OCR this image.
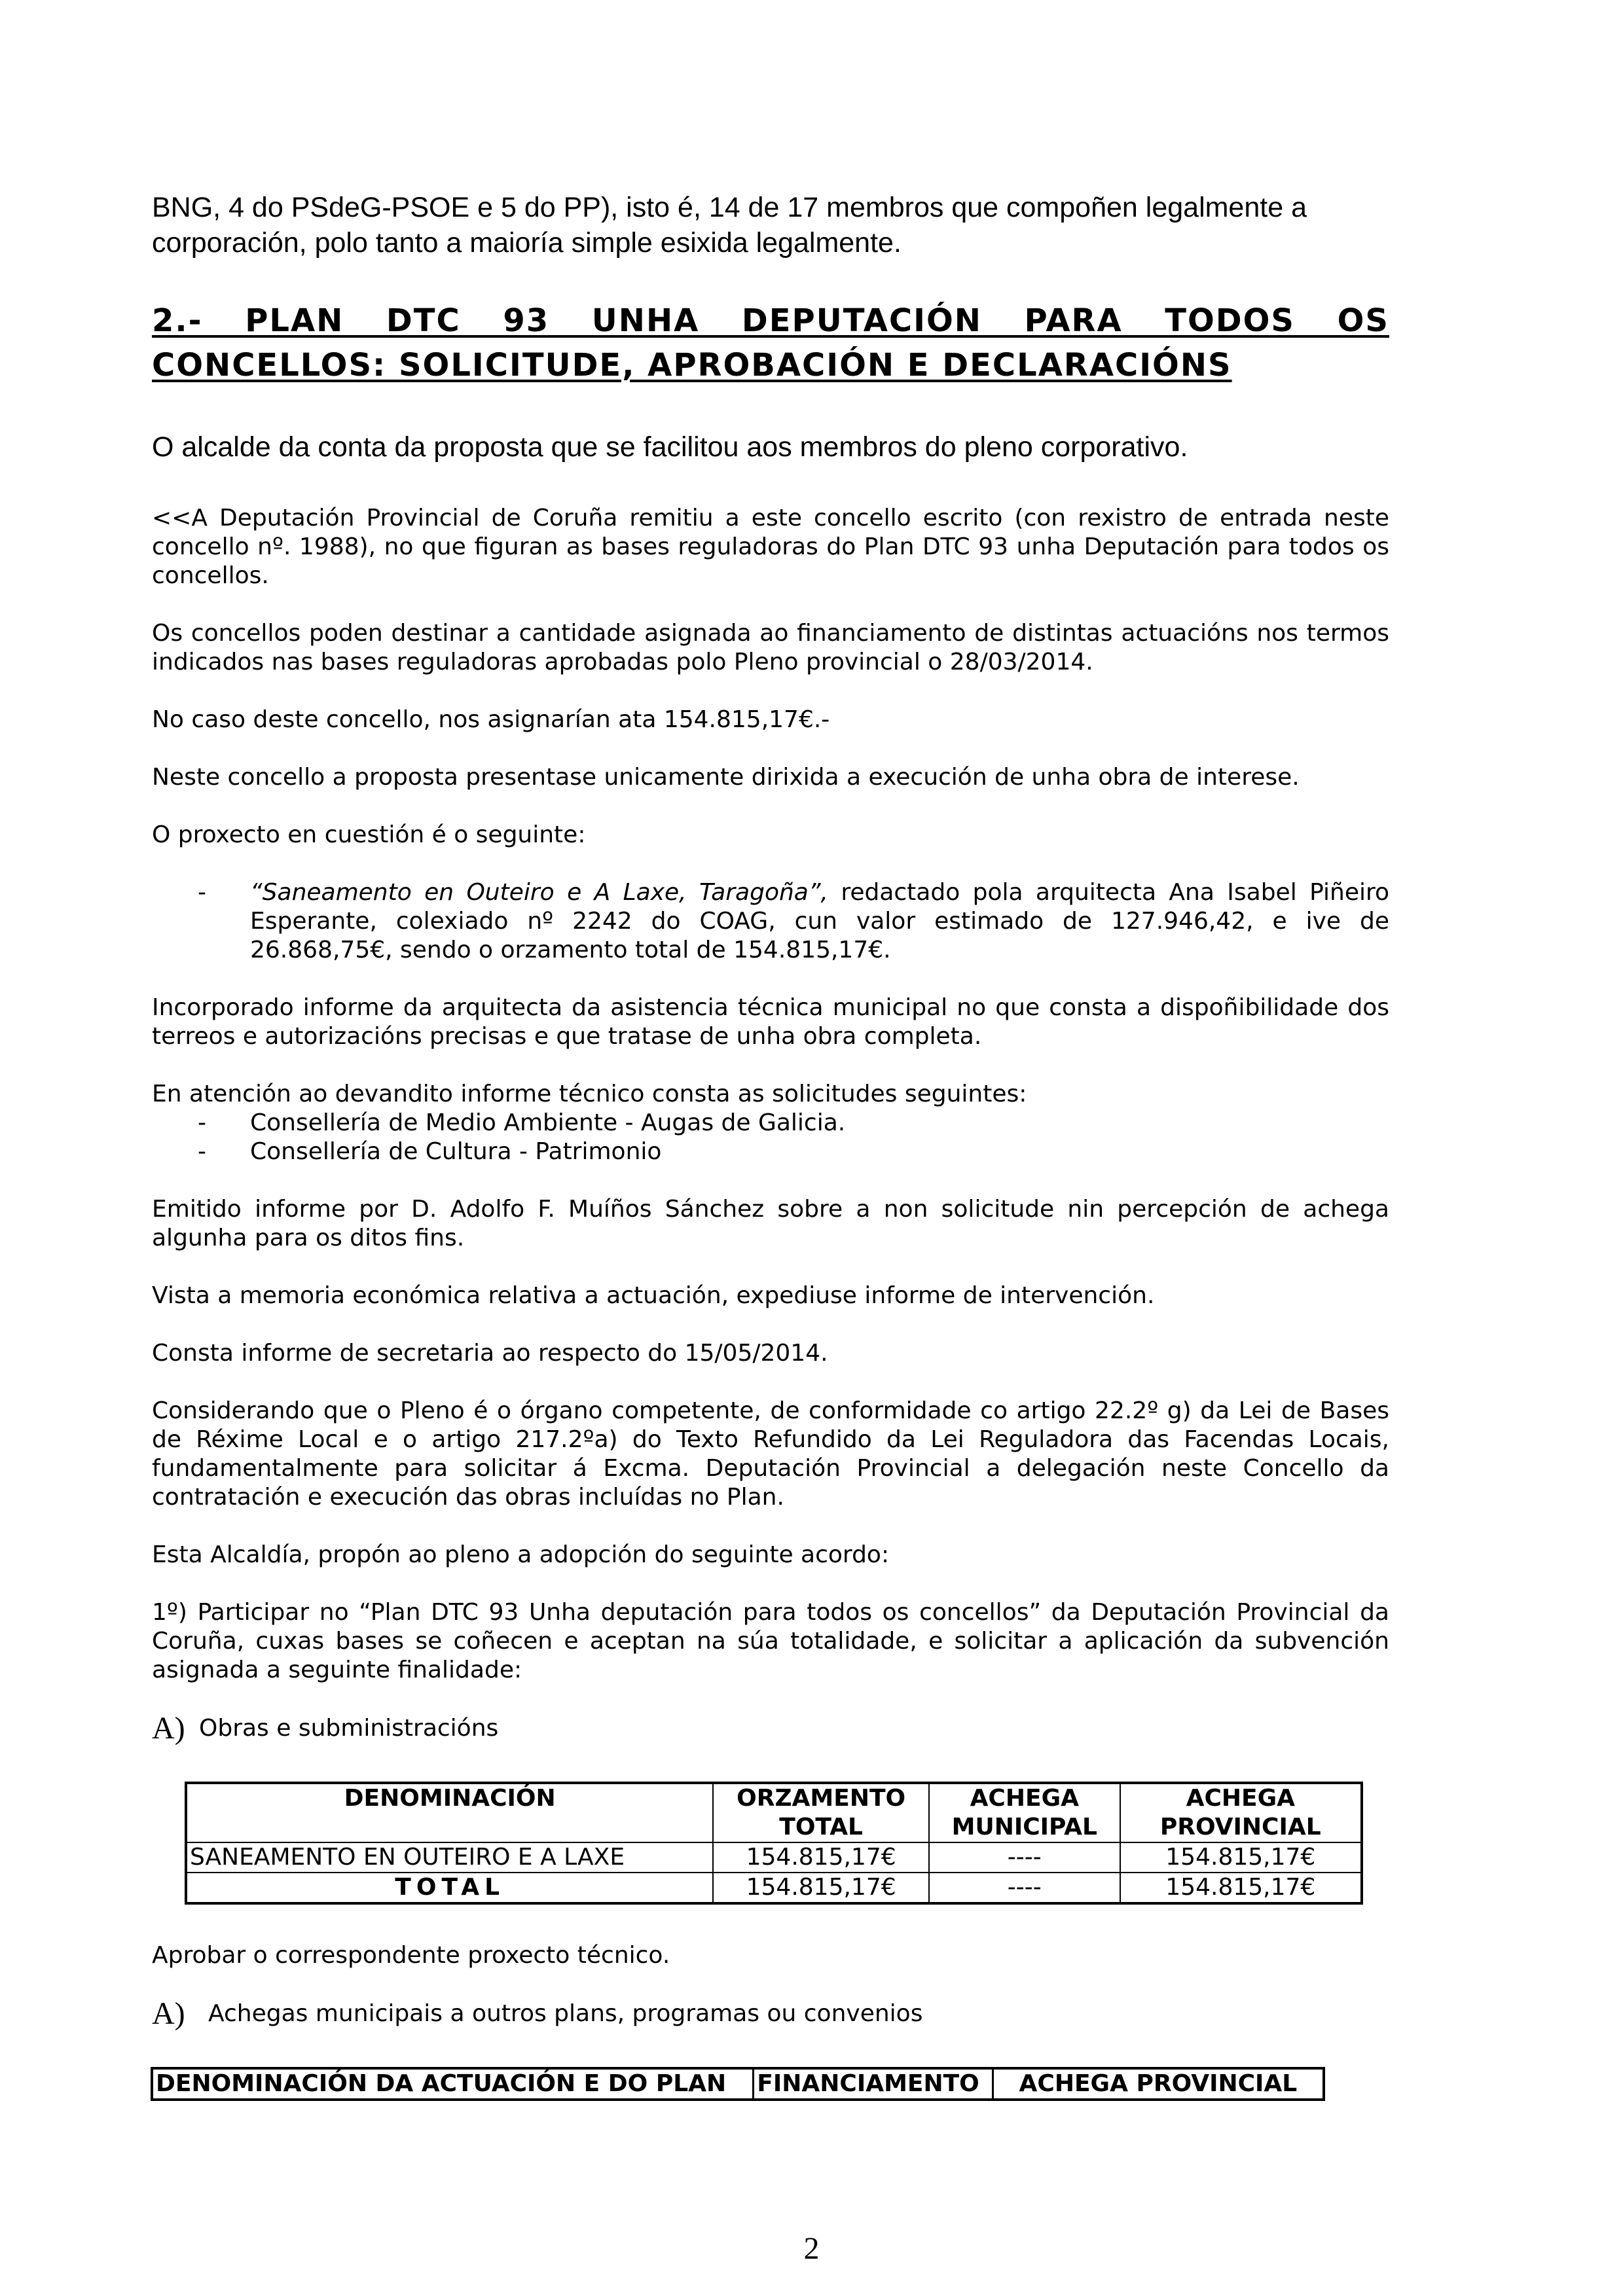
BNG, 4 do PSdeG-PSOE e 5 do PP), isto é, 14 de 17 membros que compoñen legalmente a
corporación, polo tanto a maioría simple esixida legalmente.
2.- PLAN DTC 93 UNHA DEPUTACIÓN PARA TODOS OS CONCELLOS: SOLICITUDE, APROBACIÓN E DECLARACIÓNS
O alcalde da conta da proposta que se facilitou aos membros do pleno corporativo.

<<A Deputación Provincial de Coruña remitiu a este concello escrito (con rexistro de entrada neste concello nº. 1988), no que figuran as bases reguladoras do Plan DTC 93 unha Deputación para todos os concellos.

Os concellos poden destinar a cantidade asignada ao financiamento de distintas actuacións nos termos indicados nas bases reguladoras aprobadas polo Pleno provincial o 28/03/2014.

No caso deste concello, nos asignarían ata 154.815,17€.-

Neste concello a proposta presentase unicamente dirixida a execución de unha obra de interese.

O proxecto en cuestión é o seguinte:

- “Saneamento en Outeiro e A Laxe, Taragoña”, redactado pola arquitecta Ana Isabel Piñeiro Esperante, colexiado nº 2242 do COAG, cun valor estimado de 127.946,42, e ive de 26.868,75€, sendo o orzamento total de 154.815,17€.

Incorporado informe da arquitecta da asistencia técnica municipal no que consta a dispoñibilidade dos terreos e autorizacións precisas e que tratase de unha obra completa.

En atención ao devandito informe técnico consta as solicitudes seguintes:

- Consellería de Medio Ambiente - Augas de Galicia.
- Consellería de Cultura - Patrimonio

Emitido informe por D. Adolfo F. Muíños Sánchez sobre a non solicitude nin percepción de achega algunha para os ditos fins.

Vista a memoria económica relativa a actuación, expediuse informe de intervención.

Consta informe de secretaria ao respecto do 15/05/2014.

Considerando que o Pleno é o órgano competente, de conformidade co artigo 22.2º g) da Lei de Bases de Réxime Local e o artigo 217.2ºa) do Texto Refundido da Lei Reguladora das Facendas Locais, fundamentalmente para solicitar á Excma. Deputación Provincial a delegación neste Concello da contratación e execución das obras incluídas no Plan.

Esta Alcaldía, propón ao pleno a adopción do seguinte acordo:

1º) Participar no “Plan DTC 93 Unha deputación para todos os concellos” da Deputación Provincial da Coruña, cuxas bases se coñecen e aceptan na súa totalidade, e solicitar a aplicación da subvención asignada a seguinte finalidade:

A) Obras e subministracións
DENOMINACIÓN	ORZAMENTO TOTAL	ACHEGA MUNICIPAL	ACHEGA PROVINCIAL
SANEAMENTO EN OUTEIRO E A LAXE	154.815,17€	----	154.815,17€
TOTAL	154.815,17€	----	154.815,17€

Aprobar o correspondente proxecto técnico.

A) Achegas municipais a outros plans, programas ou convenios
DENOMINACIÓN DA ACTUACIÓN E DO PLAN	FINANCIAMENTO	ACHEGA PROVINCIAL
2
